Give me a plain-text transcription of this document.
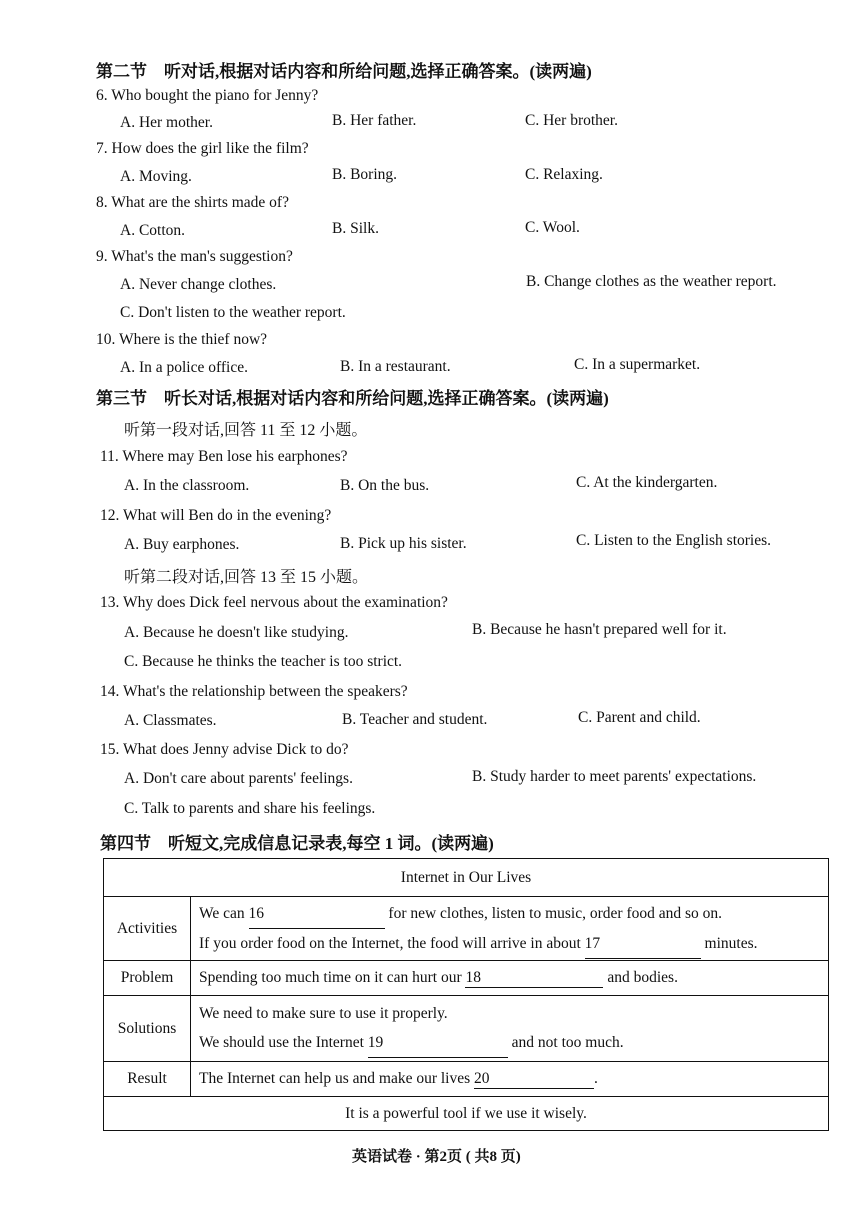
第二节　听对话,根据对话内容和所给问题,选择正确答案。(读两遍)
6. Who bought the piano for Jenny?
A. Her mother.	B. Her father.	C. Her brother.
7. How does the girl like the film?
A. Moving.	B. Boring.	C. Relaxing.
8. What are the shirts made of?
A. Cotton.	B. Silk.	C. Wool.
9. What's the man's suggestion?
A. Never change clothes.	B. Change clothes as the weather report.
C. Don't listen to the weather report.
10. Where is the thief now?
A. In a police office.	B. In a restaurant.	C. In a supermarket.
第三节　听长对话,根据对话内容和所给问题,选择正确答案。(读两遍)
听第一段对话,回答 11 至 12 小题。
11. Where may Ben lose his earphones?
A. In the classroom.	B. On the bus.	C. At the kindergarten.
12. What will Ben do in the evening?
A. Buy earphones.	B. Pick up his sister.	C. Listen to the English stories.
听第二段对话,回答 13 至 15 小题。
13. Why does Dick feel nervous about the examination?
A. Because he doesn't like studying.	B. Because he hasn't prepared well for it.
C. Because he thinks the teacher is too strict.
14. What's the relationship between the speakers?
A. Classmates.	B. Teacher and student.	C. Parent and child.
15. What does Jenny advise Dick to do?
A. Don't care about parents' feelings.	B. Study harder to meet parents' expectations.
C. Talk to parents and share his feelings.
第四节　听短文,完成信息记录表,每空 1 词。(读两遍)
Internet in Our Lives	
Activities	We can 16 for new clothes, listen to music, order food and so on.
If you order food on the Internet, the food will arrive in about 17 minutes.

Problem	Spending too much time on it can hurt our 18 and bodies.
Solutions	We need to make sure to use it properly.
We should use the Internet 19 and not too much.

Result	The Internet can help us and make our lives 20 .
It is a powerful tool if we use it wisely.	
英语试卷 · 第2页 ( 共8 页)
